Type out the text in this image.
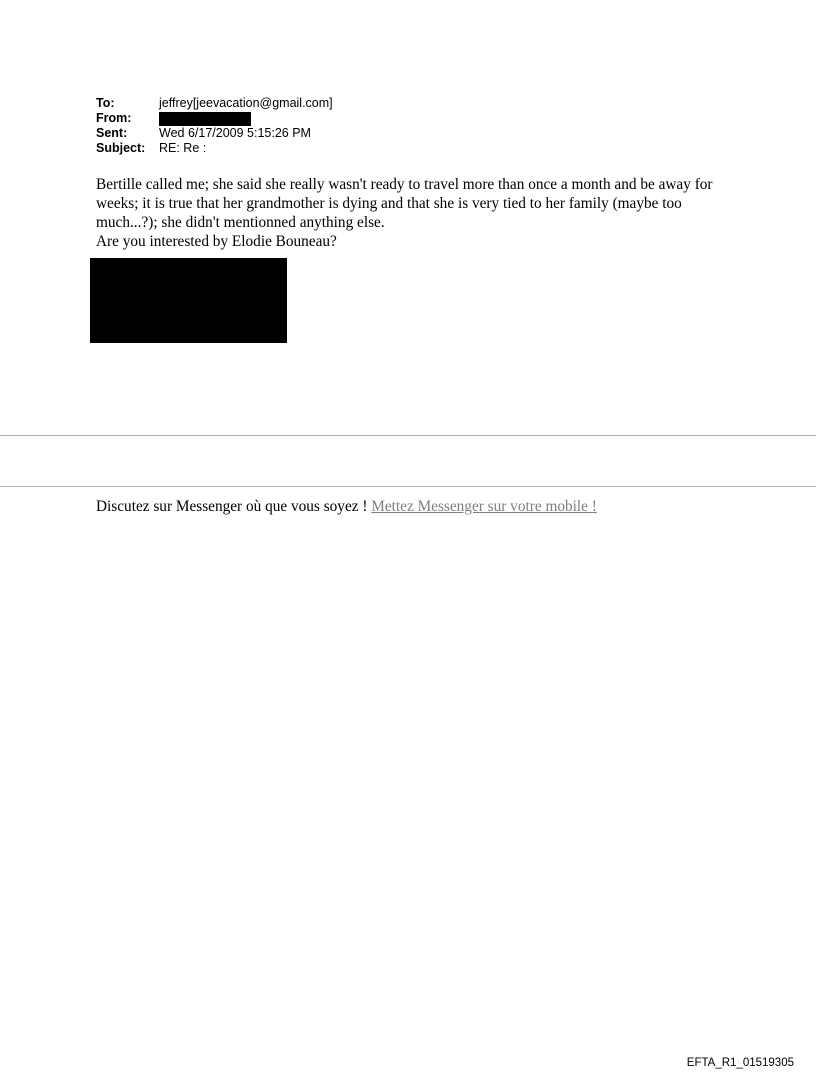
To:	jeffrey[jeevacation@gmail.com]
From:
Sent:	Wed 6/17/2009 5:15:26 PM
Subject:	RE: Re :

Bertille called me; she said she really wasn't ready to travel more than once a month and be away for weeks; it is true that her grandmother is dying and that she is very tied to her family (maybe too much...?); she didn't mentionned anything else.

Are you interested by Elodie Bouneau?

Discutez sur Messenger où que vous soyez ! Mettez Messenger sur votre mobile !
EFTA_R1_01519305
